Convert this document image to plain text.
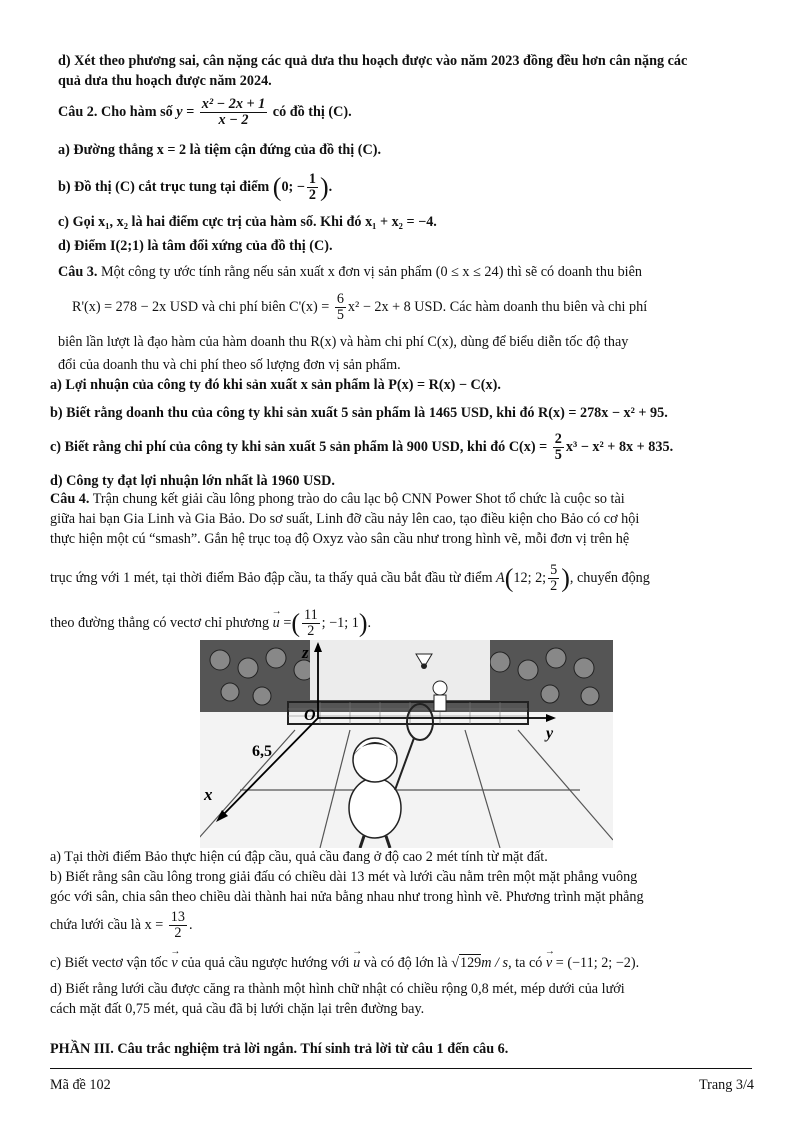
d) Xét theo phương sai, cân nặng các quả dưa thu hoạch được vào năm 2023 đồng đều hơn cân nặng các
quả dưa thu hoạch được năm 2024.
Câu 2. Cho hàm số $y = \frac{\text{x² − 2x + 1}}{x - 2}$ có đồ thị (C).
a) Đường thẳng x = 2 là tiệm cận đứng của đồ thị (C).
b) Đồ thị (C) cắt trục tung tại điểm (0; − $\frac{1}{2}$ ).
c) Gọi x₁, x₂ là hai điểm cực trị của hàm số. Khi đó x₁ + x₂ = −4.
d) Điểm I(2;1) là tâm đối xứng của đồ thị (C).
Câu 3. Một công ty ước tính rằng nếu sản xuất x đơn vị sản phẩm (0 ≤ x ≤ 24) thì sẽ có doanh thu biên
R'(x) = 278 − 2x USD và chi phí biên $C'(x) = \frac{6}{5} x^2 - 2x + 8$ USD. Các hàm doanh thu biên và chi phí
biên lần lượt là đạo hàm của hàm doanh thu R(x) và hàm chi phí C(x), dùng để biểu diễn tốc độ thay
đổi của doanh thu và chi phí theo số lượng đơn vị sản phẩm.
a) Lợi nhuận của công ty đó khi sản xuất x sản phẩm là P(x) = R(x) − C(x).
b) Biết rằng doanh thu của công ty khi sản xuất 5 sản phẩm là 1465 USD, khi đó R(x) = 278x − x² + 95.
c) Biết rằng chi phí của công ty khi sản xuất 5 sản phẩm là 900 USD, khi đó $C(x) = \frac{2}{5} x^3 - x^2 + 8x + 835$.
d) Công ty đạt lợi nhuận lớn nhất là 1960 USD.
Câu 4. Trận chung kết giải cầu lông phong trào do câu lạc bộ CNN Power Shot tổ chức là cuộc so tài
giữa hai bạn Gia Linh và Gia Bảo. Do sơ suất, Linh đỡ cầu nảy lên cao, tạo điều kiện cho Bảo có cơ hội
thực hiện một cú “smash”. Gắn hệ trục toạ độ Oxyz vào sân cầu như trong hình vẽ, mỗi đơn vị trên hệ
trục ứng với 1 mét, tại thời điểm Bảo đập cầu, ta thấy quả cầu bắt đầu từ điểm A(12; 2; $\frac{5}{2}$ ), chuyển động
theo đường thẳng có vectơ chỉ phương → u =( $\frac{11}{2}$ ; −1; 1).
z
O
y
x
6,5
a) Tại thời điểm Bảo thực hiện cú đập cầu, quả cầu đang ở độ cao 2 mét tính từ mặt đất.
b) Biết rằng sân cầu lông trong giải đấu có chiều dài 13 mét và lưới cầu nằm trên một mặt phẳng vuông
góc với sân, chia sân theo chiều dài thành hai nửa bằng nhau như trong hình vẽ. Phương trình mặt phẳng
chứa lưới cầu là $x = \frac{13}{2}$ .
c) Biết vectơ vận tốc → v của quả cầu ngược hướng với → u và có độ lớn là √129m / s, ta có → v = (−11; 2; −2).
d) Biết rằng lưới cầu được căng ra thành một hình chữ nhật có chiều rộng 0,8 mét, mép dưới của lưới
cách mặt đất 0,75 mét, quả cầu đã bị lưới chặn lại trên đường bay.
PHẦN III. Câu trắc nghiệm trả lời ngắn. Thí sinh trả lời từ câu 1 đến câu 6.
Mã đề 102	Trang 3/4
